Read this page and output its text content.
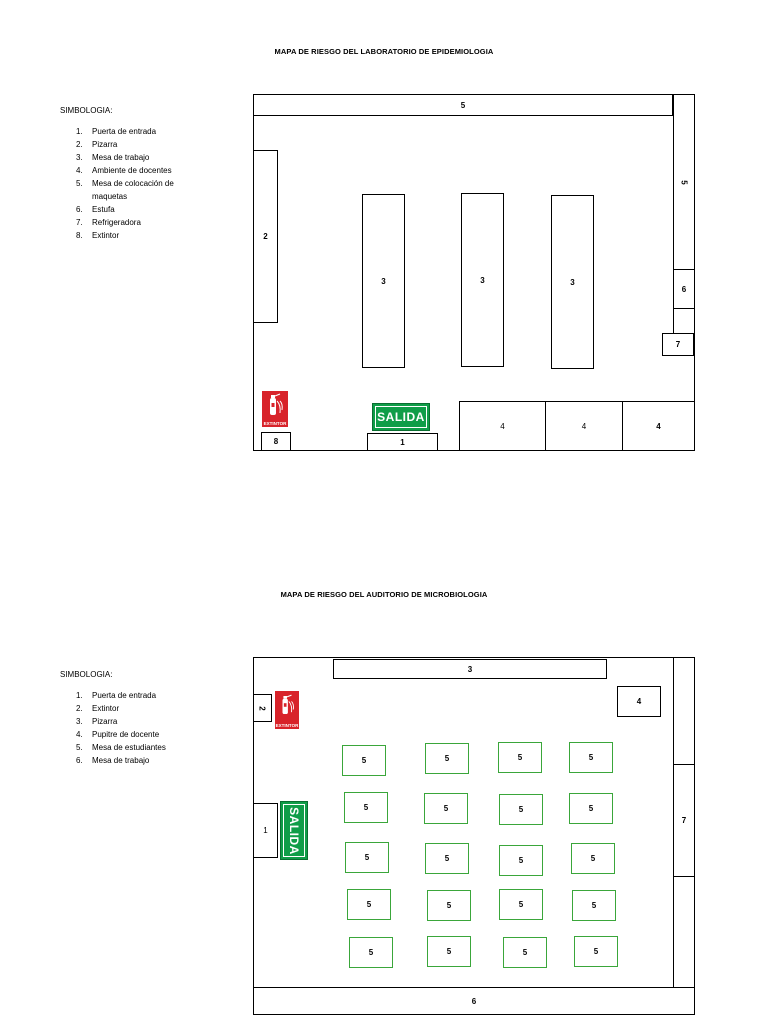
MAPA DE RIESGO DEL LABORATORIO DE EPIDEMIOLOGIA
SIMBOLOGIA:
1. Puerta de entrada
2. Pizarra
3. Mesa de trabajo
4. Ambiente de docentes
5. Mesa de colocación de maquetas
6. Estufa
7. Refrigeradora
8. Extintor
5
5
6
7
2
3	3	3
4	4	4
1
8
SALIDA
EXTINTOR
MAPA DE RIESGO DEL AUDITORIO DE MICROBIOLOGIA
SIMBOLOGIA:
1. Puerta de entrada
2. Extintor
3. Pizarra
4. Pupitre de docente
5. Mesa de estudiantes
6. Mesa de trabajo
3
4
7
6
2
1
EXTINTOR
SALIDA
5	5	5	5
5	5	5	5
5	5	5	5
5	5	5	5
5	5	5	5
